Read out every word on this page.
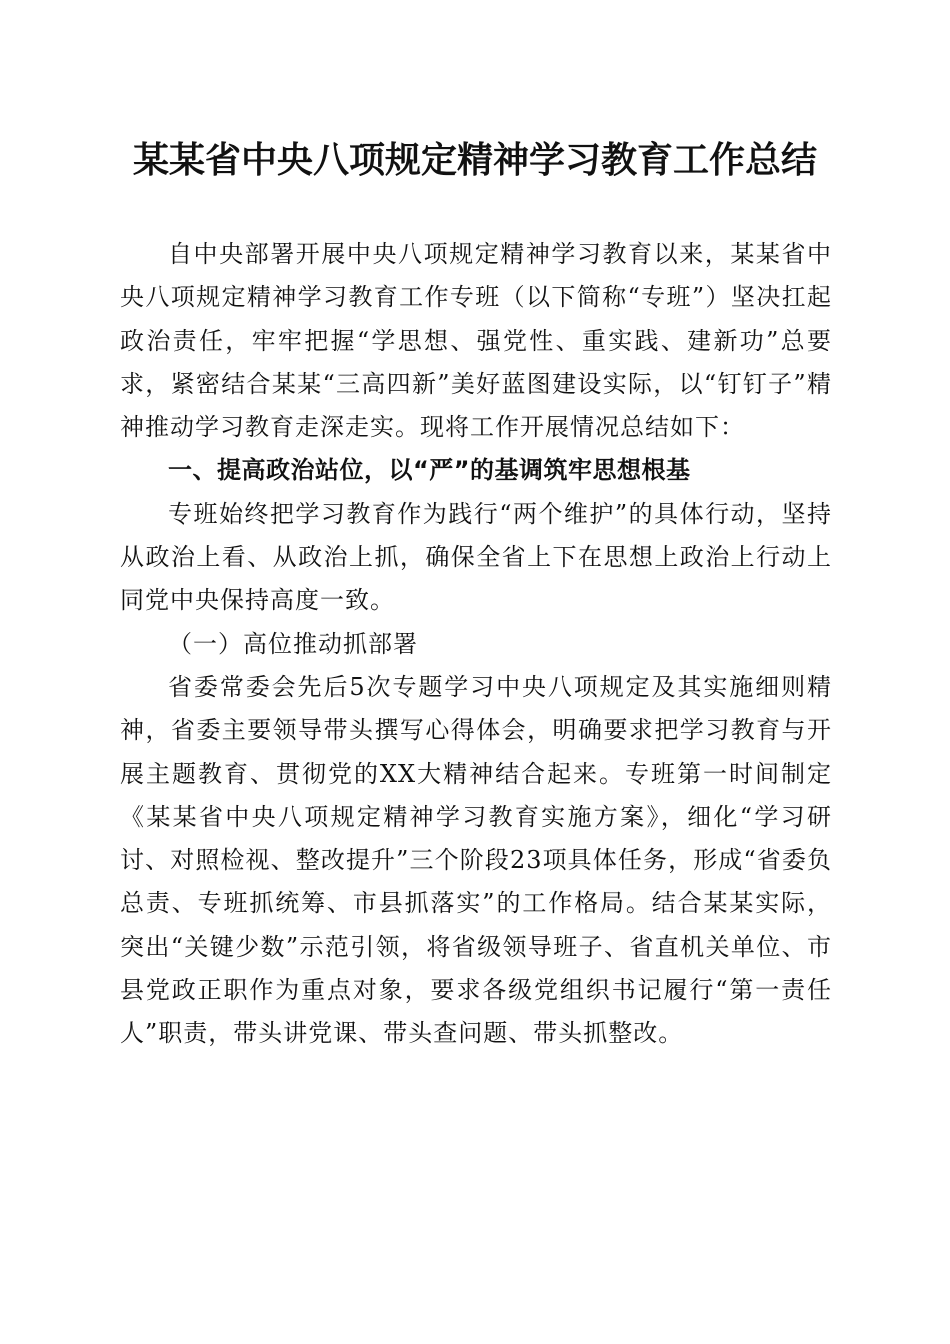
某某省中央八项规定精神学习教育工作总结

自中央部署开展中央八项规定精神学习教育以来，某某省中央八项规定精神学习教育工作专班（以下简称“专班”）坚决扛起政治责任，牢牢把握“学思想、强党性、重实践、建新功”总要求，紧密结合某某“三高四新”美好蓝图建设实际，以“钉钉子”精神推动学习教育走深走实。现将工作开展情况总结如下：

一、提高政治站位，以“严”的基调筑牢思想根基

专班始终把学习教育作为践行“两个维护”的具体行动，坚持从政治上看、从政治上抓，确保全省上下在思想上政治上行动上同党中央保持高度一致。

（一）高位推动抓部署

省委常委会先后5次专题学习中央八项规定及其实施细则精神，省委主要领导带头撰写心得体会，明确要求把学习教育与开展主题教育、贯彻党的XX大精神结合起来。专班第一时间制定《某某省中央八项规定精神学习教育实施方案》，细化“学习研讨、对照检视、整改提升”三个阶段23项具体任务，形成“省委负总责、专班抓统筹、市县抓落实”的工作格局。结合某某实际，突出“关键少数”示范引领，将省级领导班子、省直机关单位、市县党政正职作为重点对象，要求各级党组织书记履行“第一责任人”职责，带头讲党课、带头查问题、带头抓整改。
